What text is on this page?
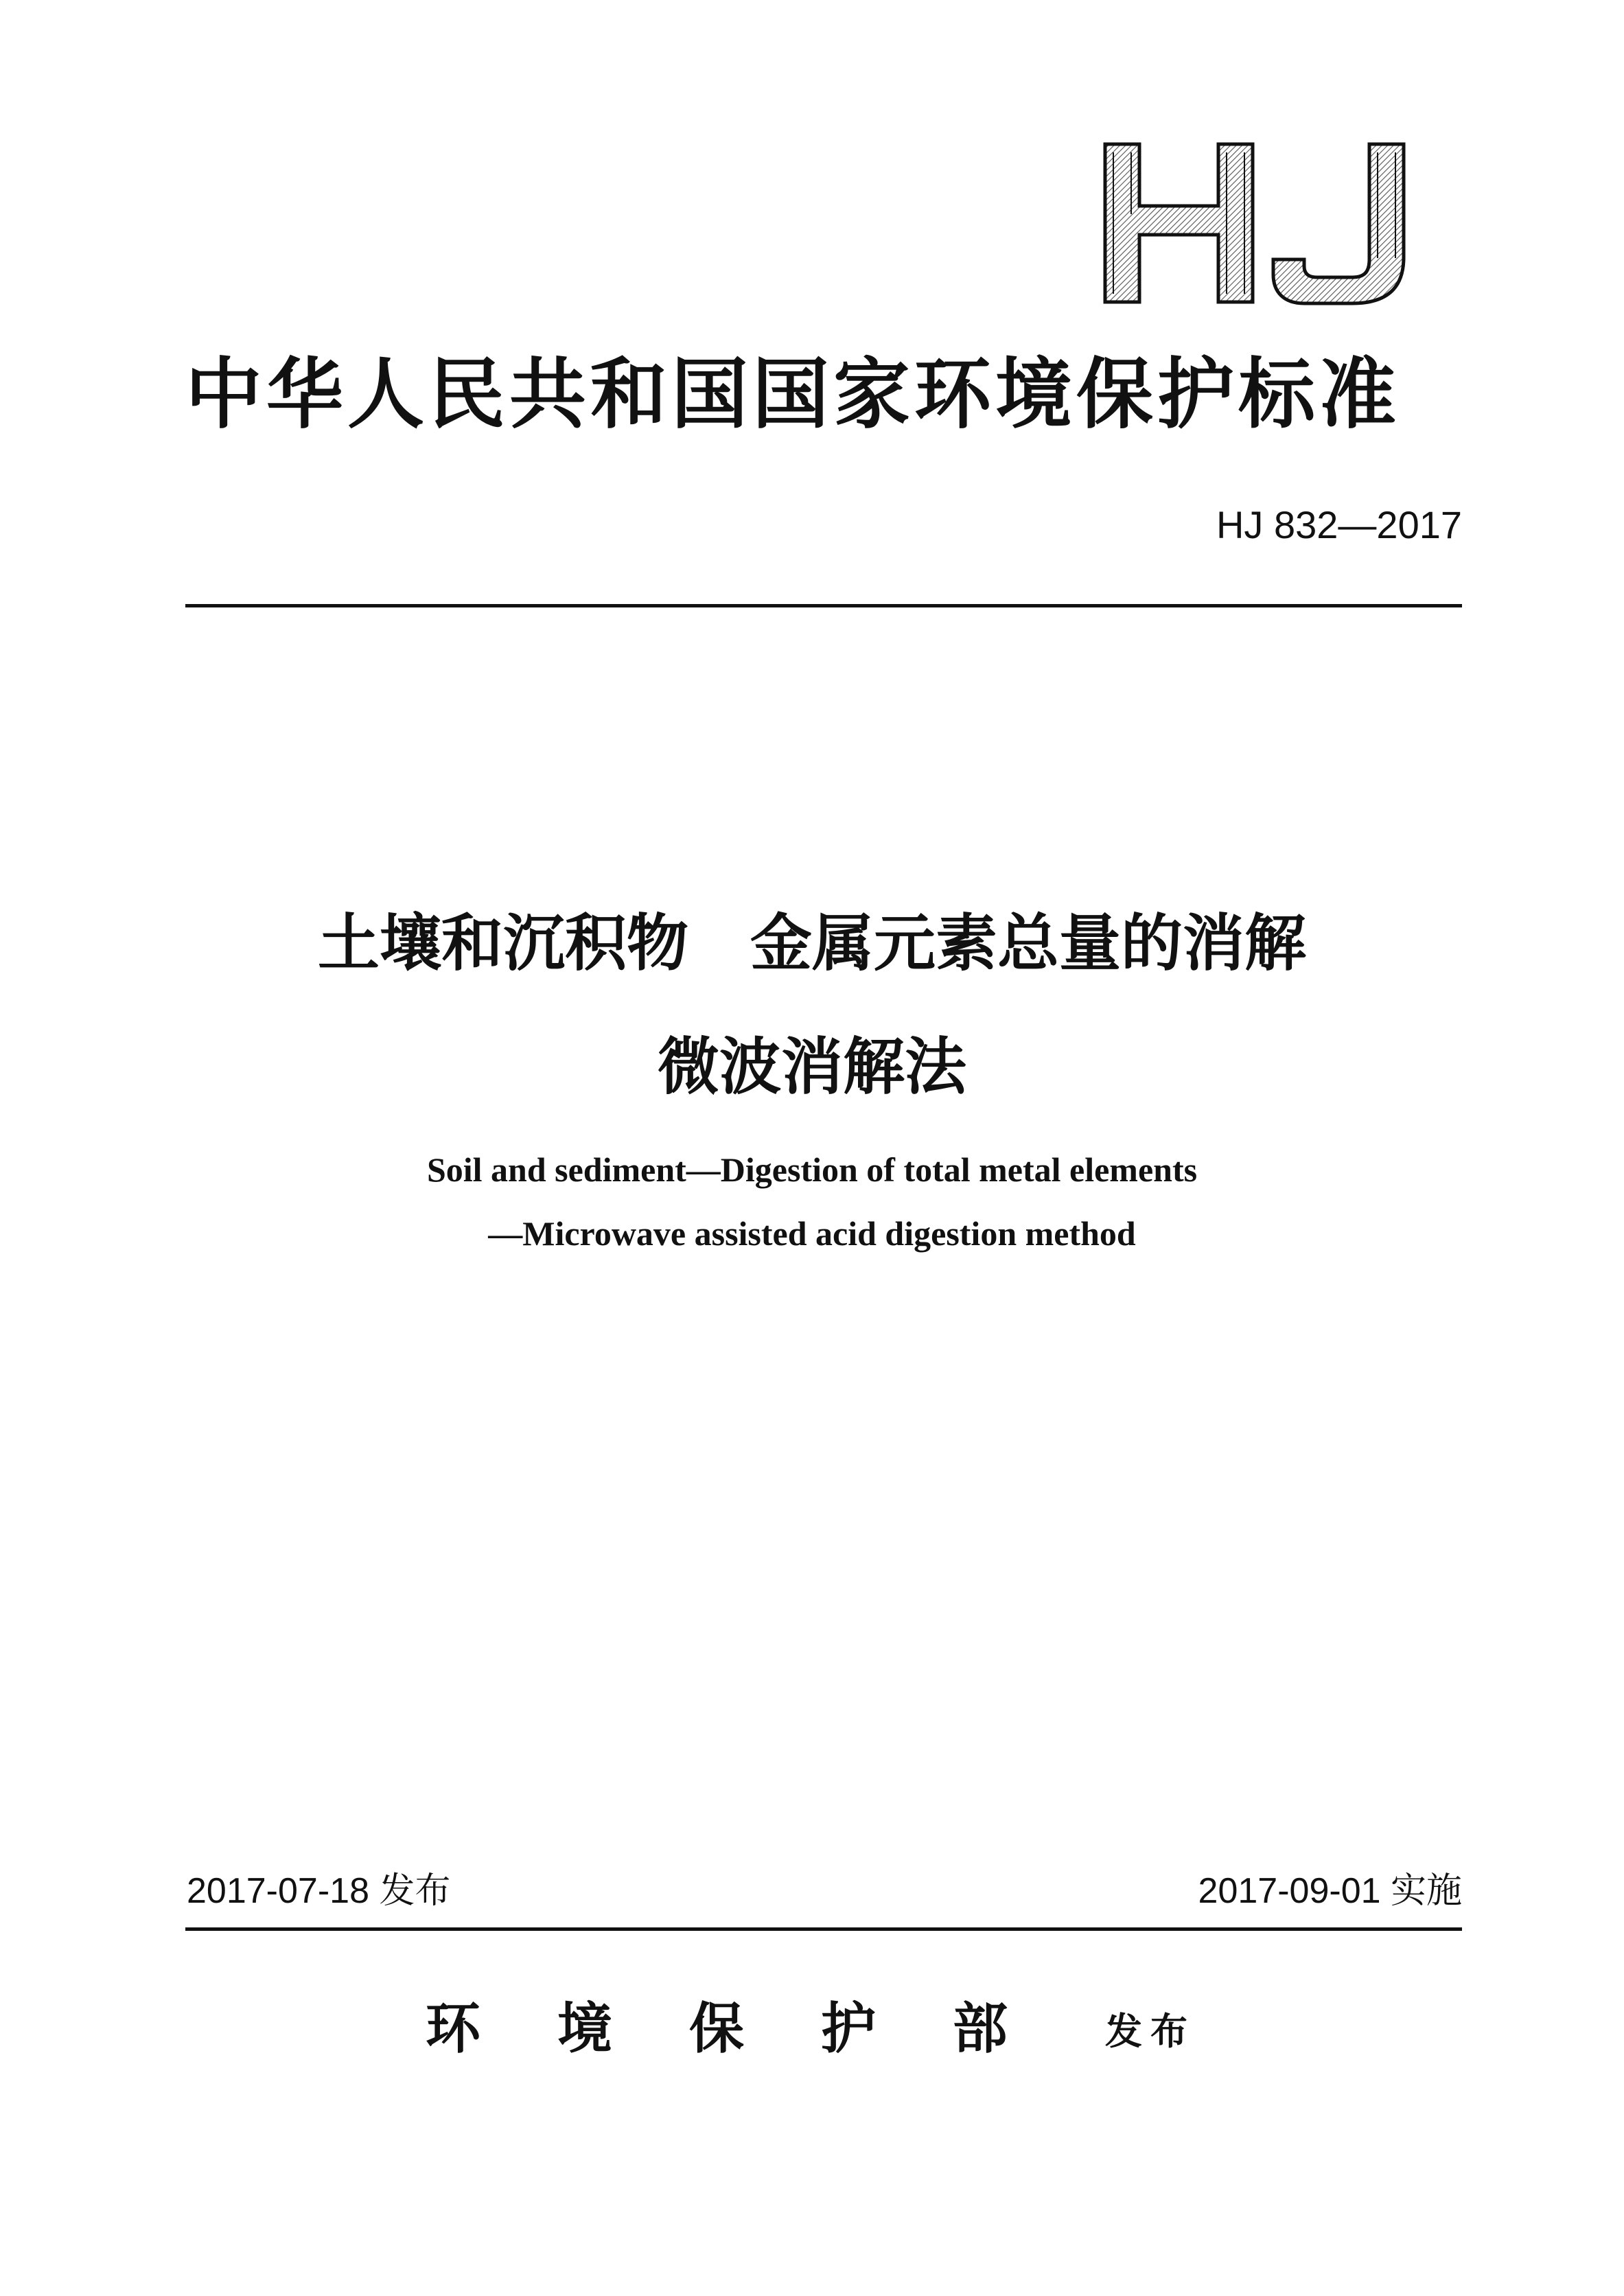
中华人民共和国国家环境保护标准
HJ 832—2017
土壤和沉积物　金属元素总量的消解
微波消解法
Soil and sediment—Digestion of total metal elements
—Microwave assisted acid digestion method
2017-07-18 发布	2017-09-01 实施
环境保护部 发布
